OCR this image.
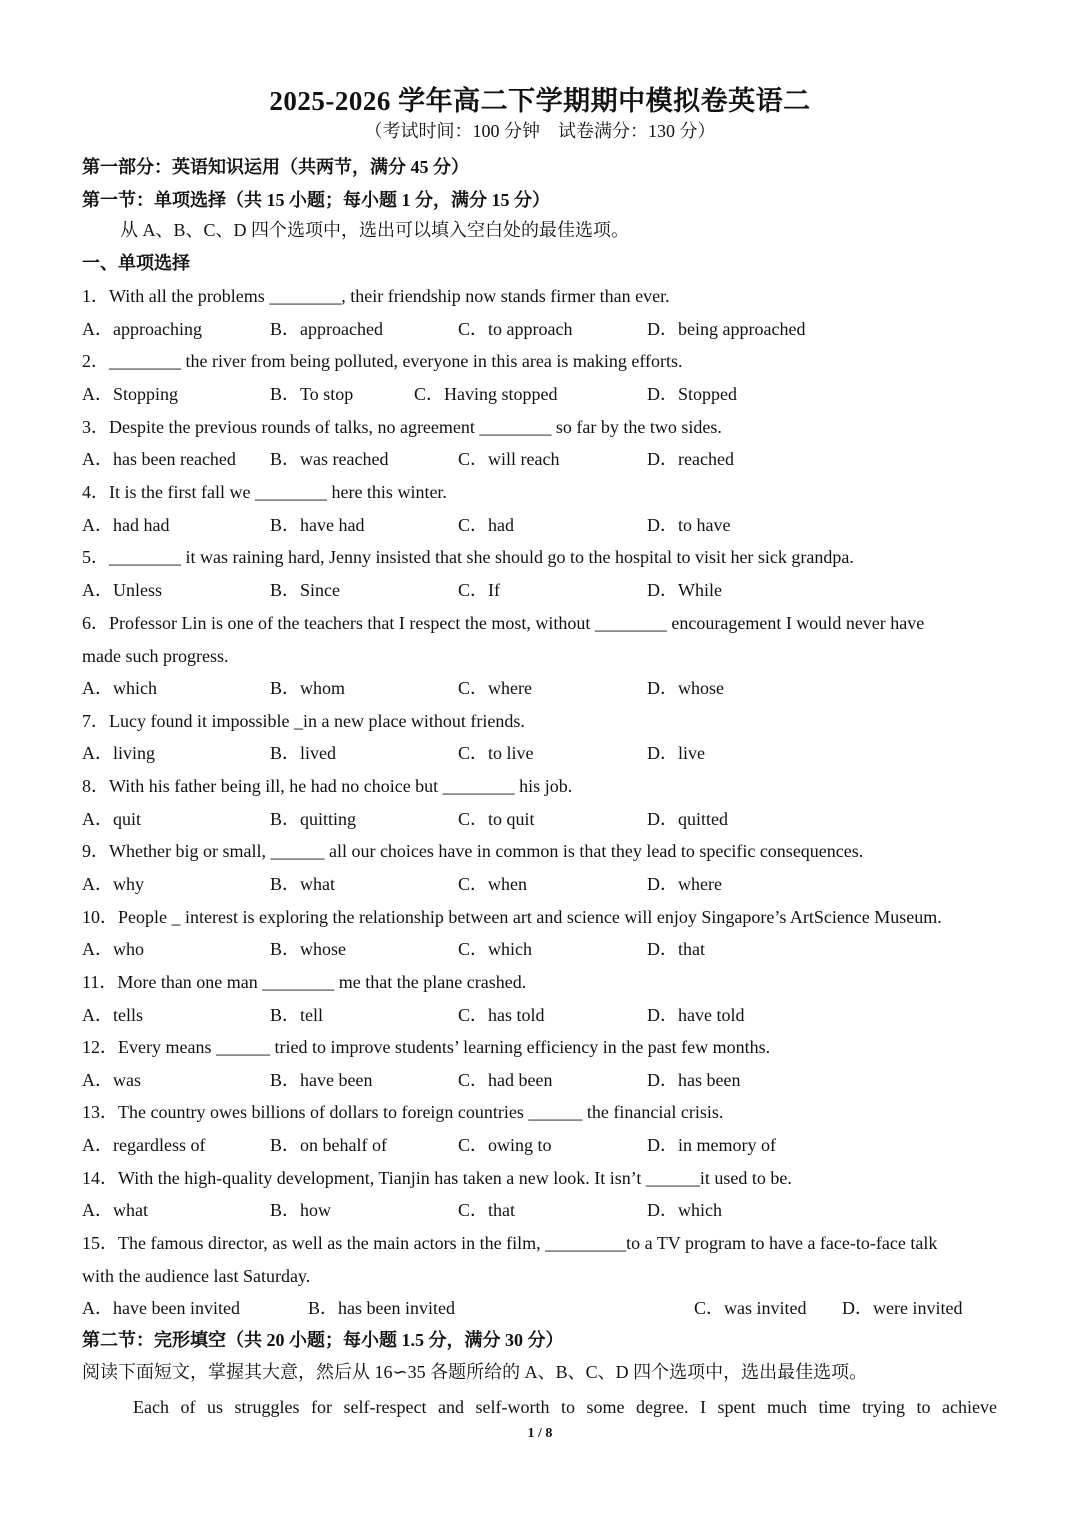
2025-2026 学年高二下学期期中模拟卷英语二
（考试时间：100 分钟　试卷满分：130 分）
第一部分：英语知识运用（共两节，满分 45 分）
第一节：单项选择（共 15 小题；每小题 1 分，满分 15 分）
从 A、B、C、D 四个选项中，选出可以填入空白处的最佳选项。
一、单项选择
1．With all the problems ________, their friendship now stands firmer than ever.
A．approaching	B．approached	C．to approach	D．being approached
2．________ the river from being polluted, everyone in this area is making efforts.
A．Stopping	B．To stop	C．Having stopped	D．Stopped
3．Despite the previous rounds of talks, no agreement ________ so far by the two sides.
A．has been reached B．was reached	C．will reach	D．reached
4．It is the first fall we ________ here this winter.
A．had had	B．have had	C．had	D．to have
5．________ it was raining hard, Jenny insisted that she should go to the hospital to visit her sick grandpa.
A．Unless	B．Since	C．If	D．While
6．Professor Lin is one of the teachers that I respect the most, without ________ encouragement I would never have
made such progress.
A．which	B．whom	C．where	D．whose
7．Lucy found it impossible _in a new place without friends.
A．living	B．lived	C．to live	D．live
8．With his father being ill, he had no choice but ________ his job.
A．quit	B．quitting	C．to quit	D．quitted
9．Whether big or small, ______ all our choices have in common is that they lead to specific consequences.
A．why	B．what	C．when	D．where
10．People _ interest is exploring the relationship between art and science will enjoy Singapore’s ArtScience Museum.
A．who	B．whose	C．which	D．that
11．More than one man ________ me that the plane crashed.
A．tells	B．tell	C．has told	D．have told
12．Every means ______ tried to improve students’ learning efficiency in the past few months.
A．was	B．have been	C．had been	D．has been
13．The country owes billions of dollars to foreign countries ______ the financial crisis.
A．regardless of	B．on behalf of	C．owing to	D．in memory of
14．With the high-quality development, Tianjin has taken a new look. It isn’t ______it used to be.
A．what	B．how	C．that	D．which
15．The famous director, as well as the main actors in the film, _________to a TV program to have a face-to-face talk
with the audience last Saturday.
A．have been invited	B．has been invited	C．was invited D．were invited
第二节：完形填空（共 20 小题；每小题 1.5 分，满分 30 分）
阅读下面短文，掌握其大意，然后从 16∽35 各题所给的 A、B、C、D 四个选项中，选出最佳选项。
Each of us struggles for self-respect and self-worth to some degree. I spent much time trying to achieve
1 / 8
